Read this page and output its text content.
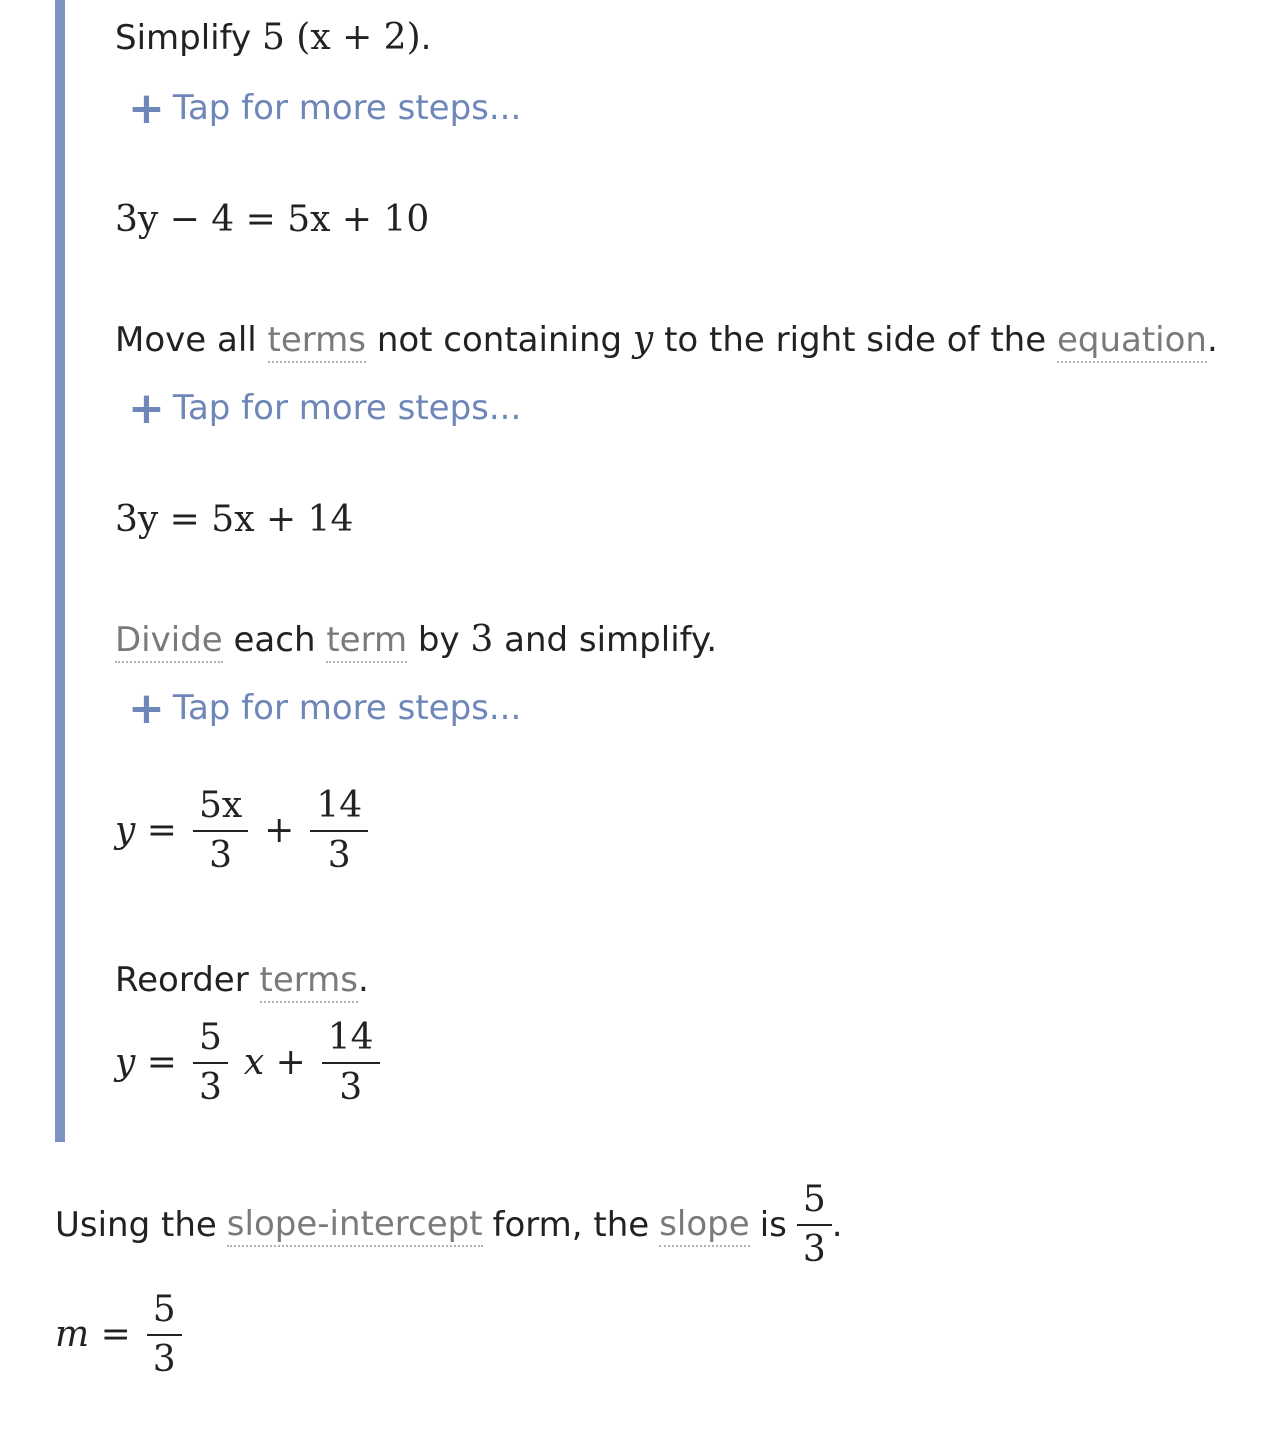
Simplify 5 (x + 2).
+ Tap for more steps...
3y − 4 = 5x + 10
Move all terms not containing y to the right side of the equation.
+ Tap for more steps...
3y = 5x + 14
Divide each term by 3 and simplify.
+ Tap for more steps...
$y = \frac{5x}{3} + \frac{14}{3}$
Reorder terms.
$y = \frac{5}{3}$ $x + \frac{14}{3}$
Using the slope-intercept form, the slope is $\frac{5}{3}$ .
$m = \frac{5}{3}$
